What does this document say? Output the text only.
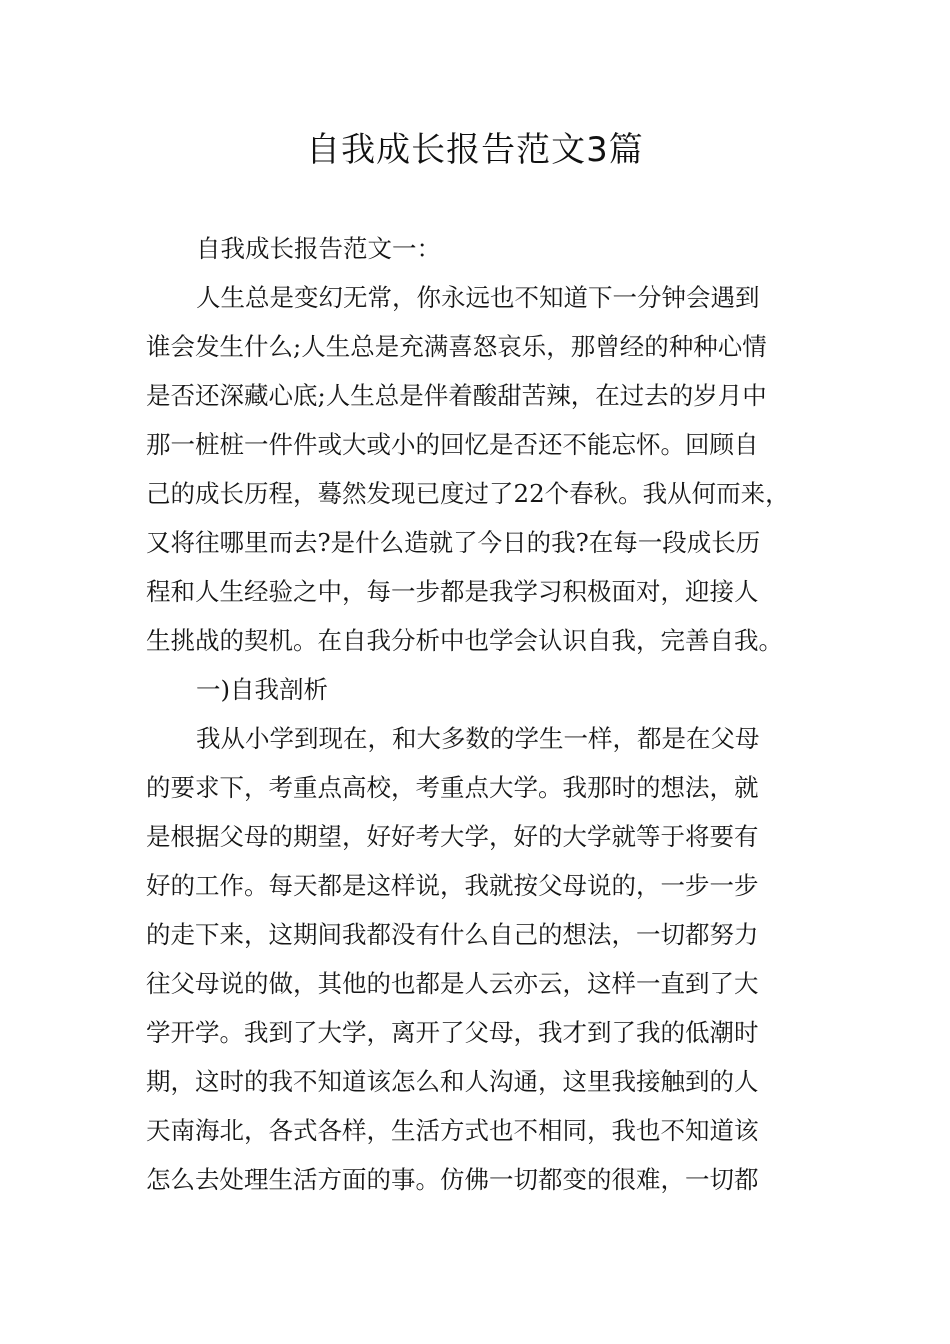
自我成长报告范文3篇
自我成长报告范文一：
人生总是变幻无常，你永远也不知道下一分钟会遇到
谁会发生什么;人生总是充满喜怒哀乐，那曾经的种种心情
是否还深藏心底;人生总是伴着酸甜苦辣，在过去的岁月中
那一桩桩一件件或大或小的回忆是否还不能忘怀。回顾自
己的成长历程，蓦然发现已度过了22个春秋。我从何而来，
又将往哪里而去?是什么造就了今日的我?在每一段成长历
程和人生经验之中，每一步都是我学习积极面对，迎接人
生挑战的契机。在自我分析中也学会认识自我，完善自我。
一)自我剖析
我从小学到现在，和大多数的学生一样，都是在父母
的要求下，考重点高校，考重点大学。我那时的想法，就
是根据父母的期望，好好考大学，好的大学就等于将要有
好的工作。每天都是这样说，我就按父母说的，一步一步
的走下来，这期间我都没有什么自己的想法，一切都努力
往父母说的做，其他的也都是人云亦云，这样一直到了大
学开学。我到了大学，离开了父母，我才到了我的低潮时
期，这时的我不知道该怎么和人沟通，这里我接触到的人
天南海北，各式各样，生活方式也不相同，我也不知道该
怎么去处理生活方面的事。仿佛一切都变的很难，一切都
